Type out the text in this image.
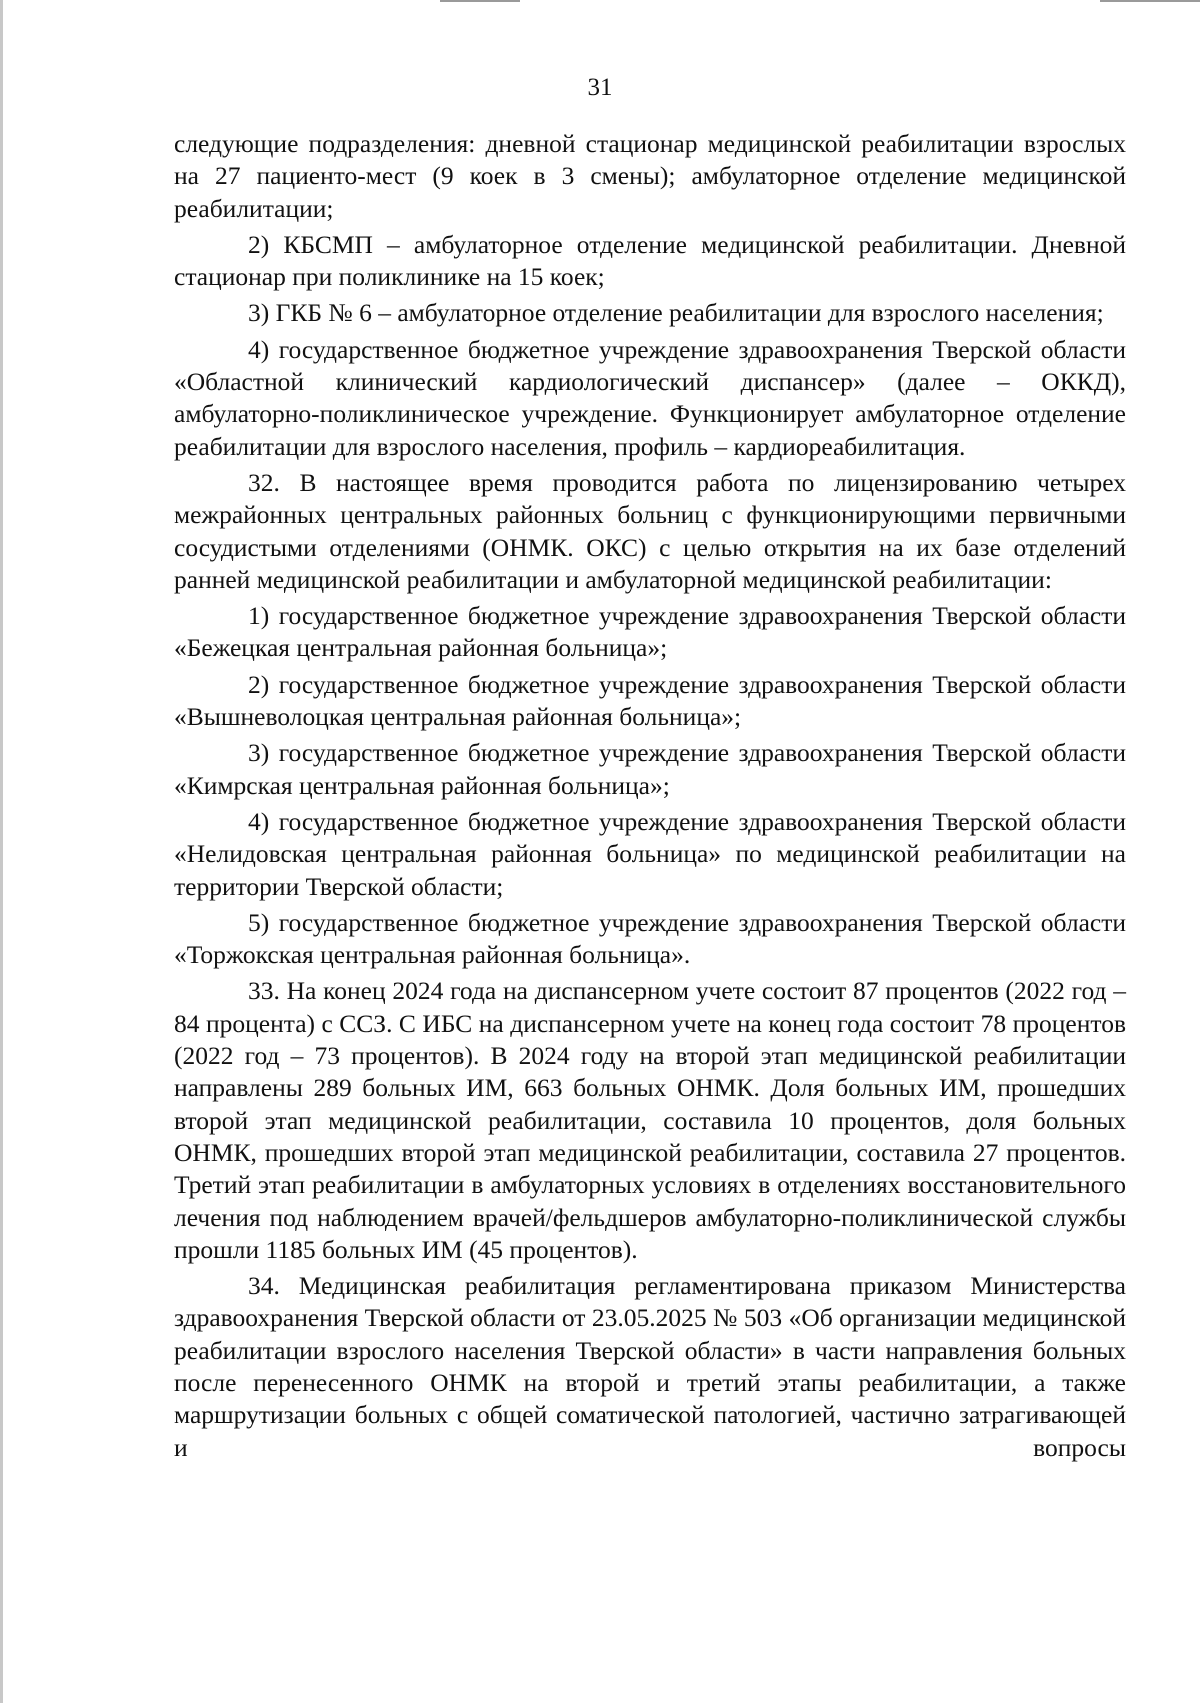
31

следующие подразделения: дневной стационар медицинской реабилитации взрослых на 27 пациенто-мест (9 коек в 3 смены); амбулаторное отделение медицинской реабилитации;

2) КБСМП – амбулаторное отделение медицинской реабилитации. Дневной стационар при поликлинике на 15 коек;

3) ГКБ № 6 – амбулаторное отделение реабилитации для взрослого населения;

4) государственное бюджетное учреждение здравоохранения Тверской области «Областной клинический кардиологический диспансер» (далее – ОККД), амбулаторно-поликлиническое учреждение. Функционирует амбулаторное отделение реабилитации для взрослого населения, профиль – кардиореабилитация.

32. В настоящее время проводится работа по лицензированию четырех межрайонных центральных районных больниц с функционирующими первичными сосудистыми отделениями (ОНМК. ОКС) с целью открытия на их базе отделений ранней медицинской реабилитации и амбулаторной медицинской реабилитации:

1) государственное бюджетное учреждение здравоохранения Тверской области «Бежецкая центральная районная больница»;

2) государственное бюджетное учреждение здравоохранения Тверской области «Вышневолоцкая центральная районная больница»;

3) государственное бюджетное учреждение здравоохранения Тверской области «Кимрская центральная районная больница»;

4) государственное бюджетное учреждение здравоохранения Тверской области «Нелидовская центральная районная больница» по медицинской реабилитации на территории Тверской области;

5) государственное бюджетное учреждение здравоохранения Тверской области «Торжокская центральная районная больница».

33. На конец 2024 года на диспансерном учете состоит 87 процентов (2022 год – 84 процента) с ССЗ. С ИБС на диспансерном учете на конец года состоит 78 процентов (2022 год – 73 процентов). В 2024 году на второй этап медицинской реабилитации направлены 289 больных ИМ, 663 больных ОНМК. Доля больных ИМ, прошедших второй этап медицинской реабилитации, составила 10 процентов, доля больных ОНМК, прошедших второй этап медицинской реабилитации, составила 27 процентов. Третий этап реабилитации в амбулаторных условиях в отделениях восстановительного лечения под наблюдением врачей/фельдшеров амбулаторно-поликлинической службы прошли 1185 больных ИМ (45 процентов).

34. Медицинская реабилитация регламентирована приказом Министерства здравоохранения Тверской области от 23.05.2025 № 503 «Об организации медицинской реабилитации взрослого населения Тверской области» в части направления больных после перенесенного ОНМК на второй и третий этапы реабилитации, а также маршрутизации больных с общей соматической патологией, частично затрагивающей и вопросы
